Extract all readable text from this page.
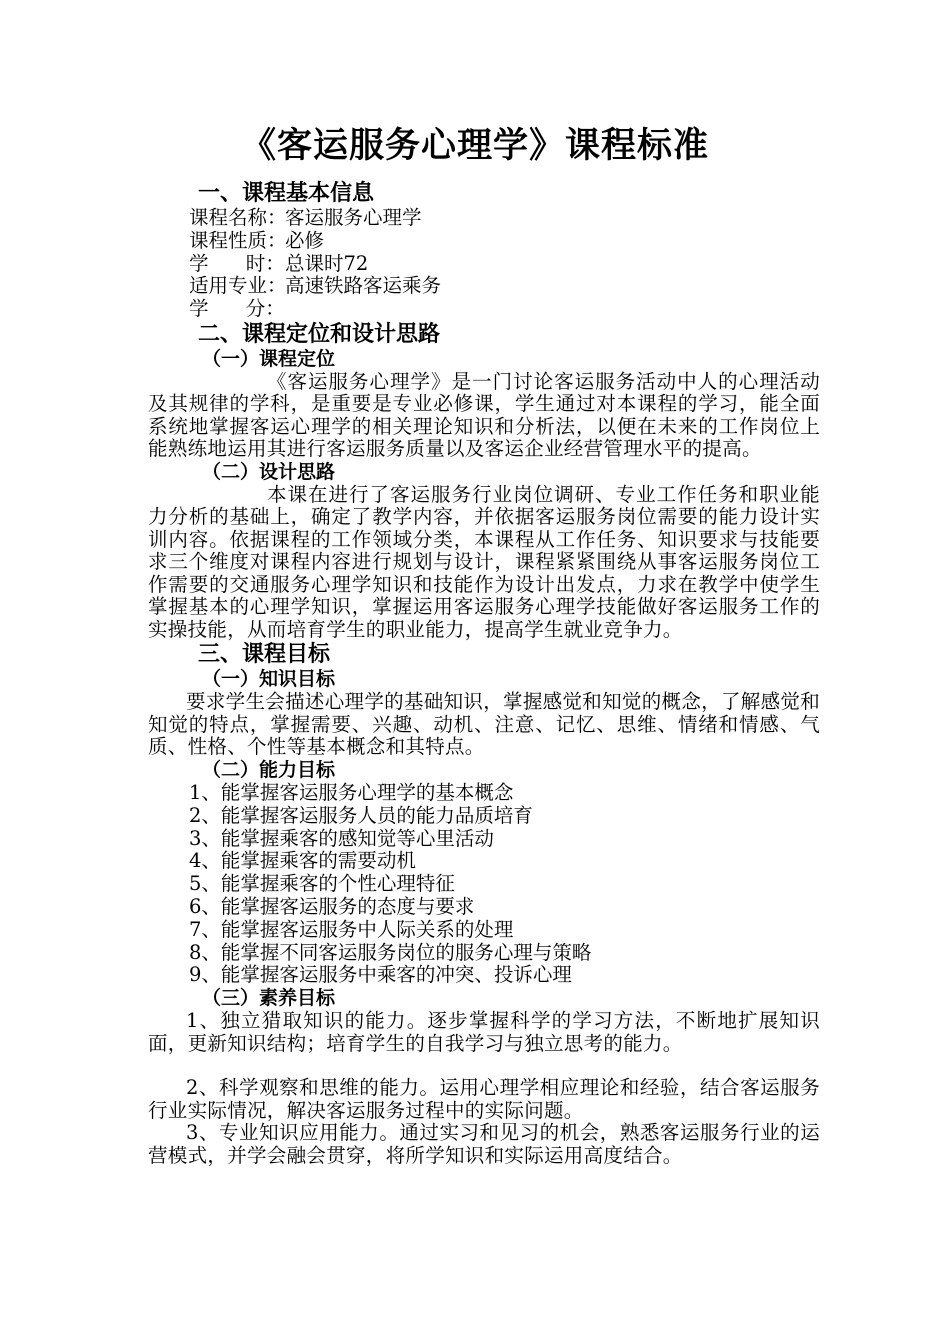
《客运服务心理学》课程标准
一、课程基本信息
课程名称：客运服务心理学
课程性质：必修
学      时：总课时72
适用专业：高速铁路客运乘务
学      分：
二、课程定位和设计思路
（一）课程定位
《客运服务心理学》是一门讨论客运服务活动中人的心理活动及其规律的学科，是重要是专业必修课，学生通过对本课程的学习，能全面系统地掌握客运心理学的相关理论知识和分析法，以便在未来的工作岗位上能熟练地运用其进行客运服务质量以及客运企业经营管理水平的提高。
（二）设计思路
本课在进行了客运服务行业岗位调研、专业工作任务和职业能力分析的基础上，确定了教学内容，并依据客运服务岗位需要的能力设计实训内容。依据课程的工作领域分类，本课程从工作任务、知识要求与技能要求三个维度对课程内容进行规划与设计，课程紧紧围绕从事客运服务岗位工作需要的交通服务心理学知识和技能作为设计出发点，力求在教学中使学生掌握基本的心理学知识，掌握运用客运服务心理学技能做好客运服务工作的实操技能，从而培育学生的职业能力，提高学生就业竞争力。
三、课程目标
（一）知识目标
要求学生会描述心理学的基础知识，掌握感觉和知觉的概念，了解感觉和知觉的特点，掌握需要、兴趣、动机、注意、记忆、思维、情绪和情感、气质、性格、个性等基本概念和其特点。
（二）能力目标
1、能掌握客运服务心理学的基本概念
2、能掌握客运服务人员的能力品质培育
3、能掌握乘客的感知觉等心里活动
4、能掌握乘客的需要动机
5、能掌握乘客的个性心理特征
6、能掌握客运服务的态度与要求
7、能掌握客运服务中人际关系的处理
8、能掌握不同客运服务岗位的服务心理与策略
9、能掌握客运服务中乘客的冲突、投诉心理
（三）素养目标
1、独立猎取知识的能力。逐步掌握科学的学习方法，不断地扩展知识面，更新知识结构；培育学生的自我学习与独立思考的能力。
2、科学观察和思维的能力。运用心理学相应理论和经验，结合客运服务行业实际情况，解决客运服务过程中的实际问题。
3、专业知识应用能力。通过实习和见习的机会，熟悉客运服务行业的运营模式，并学会融会贯穿，将所学知识和实际运用高度结合。
